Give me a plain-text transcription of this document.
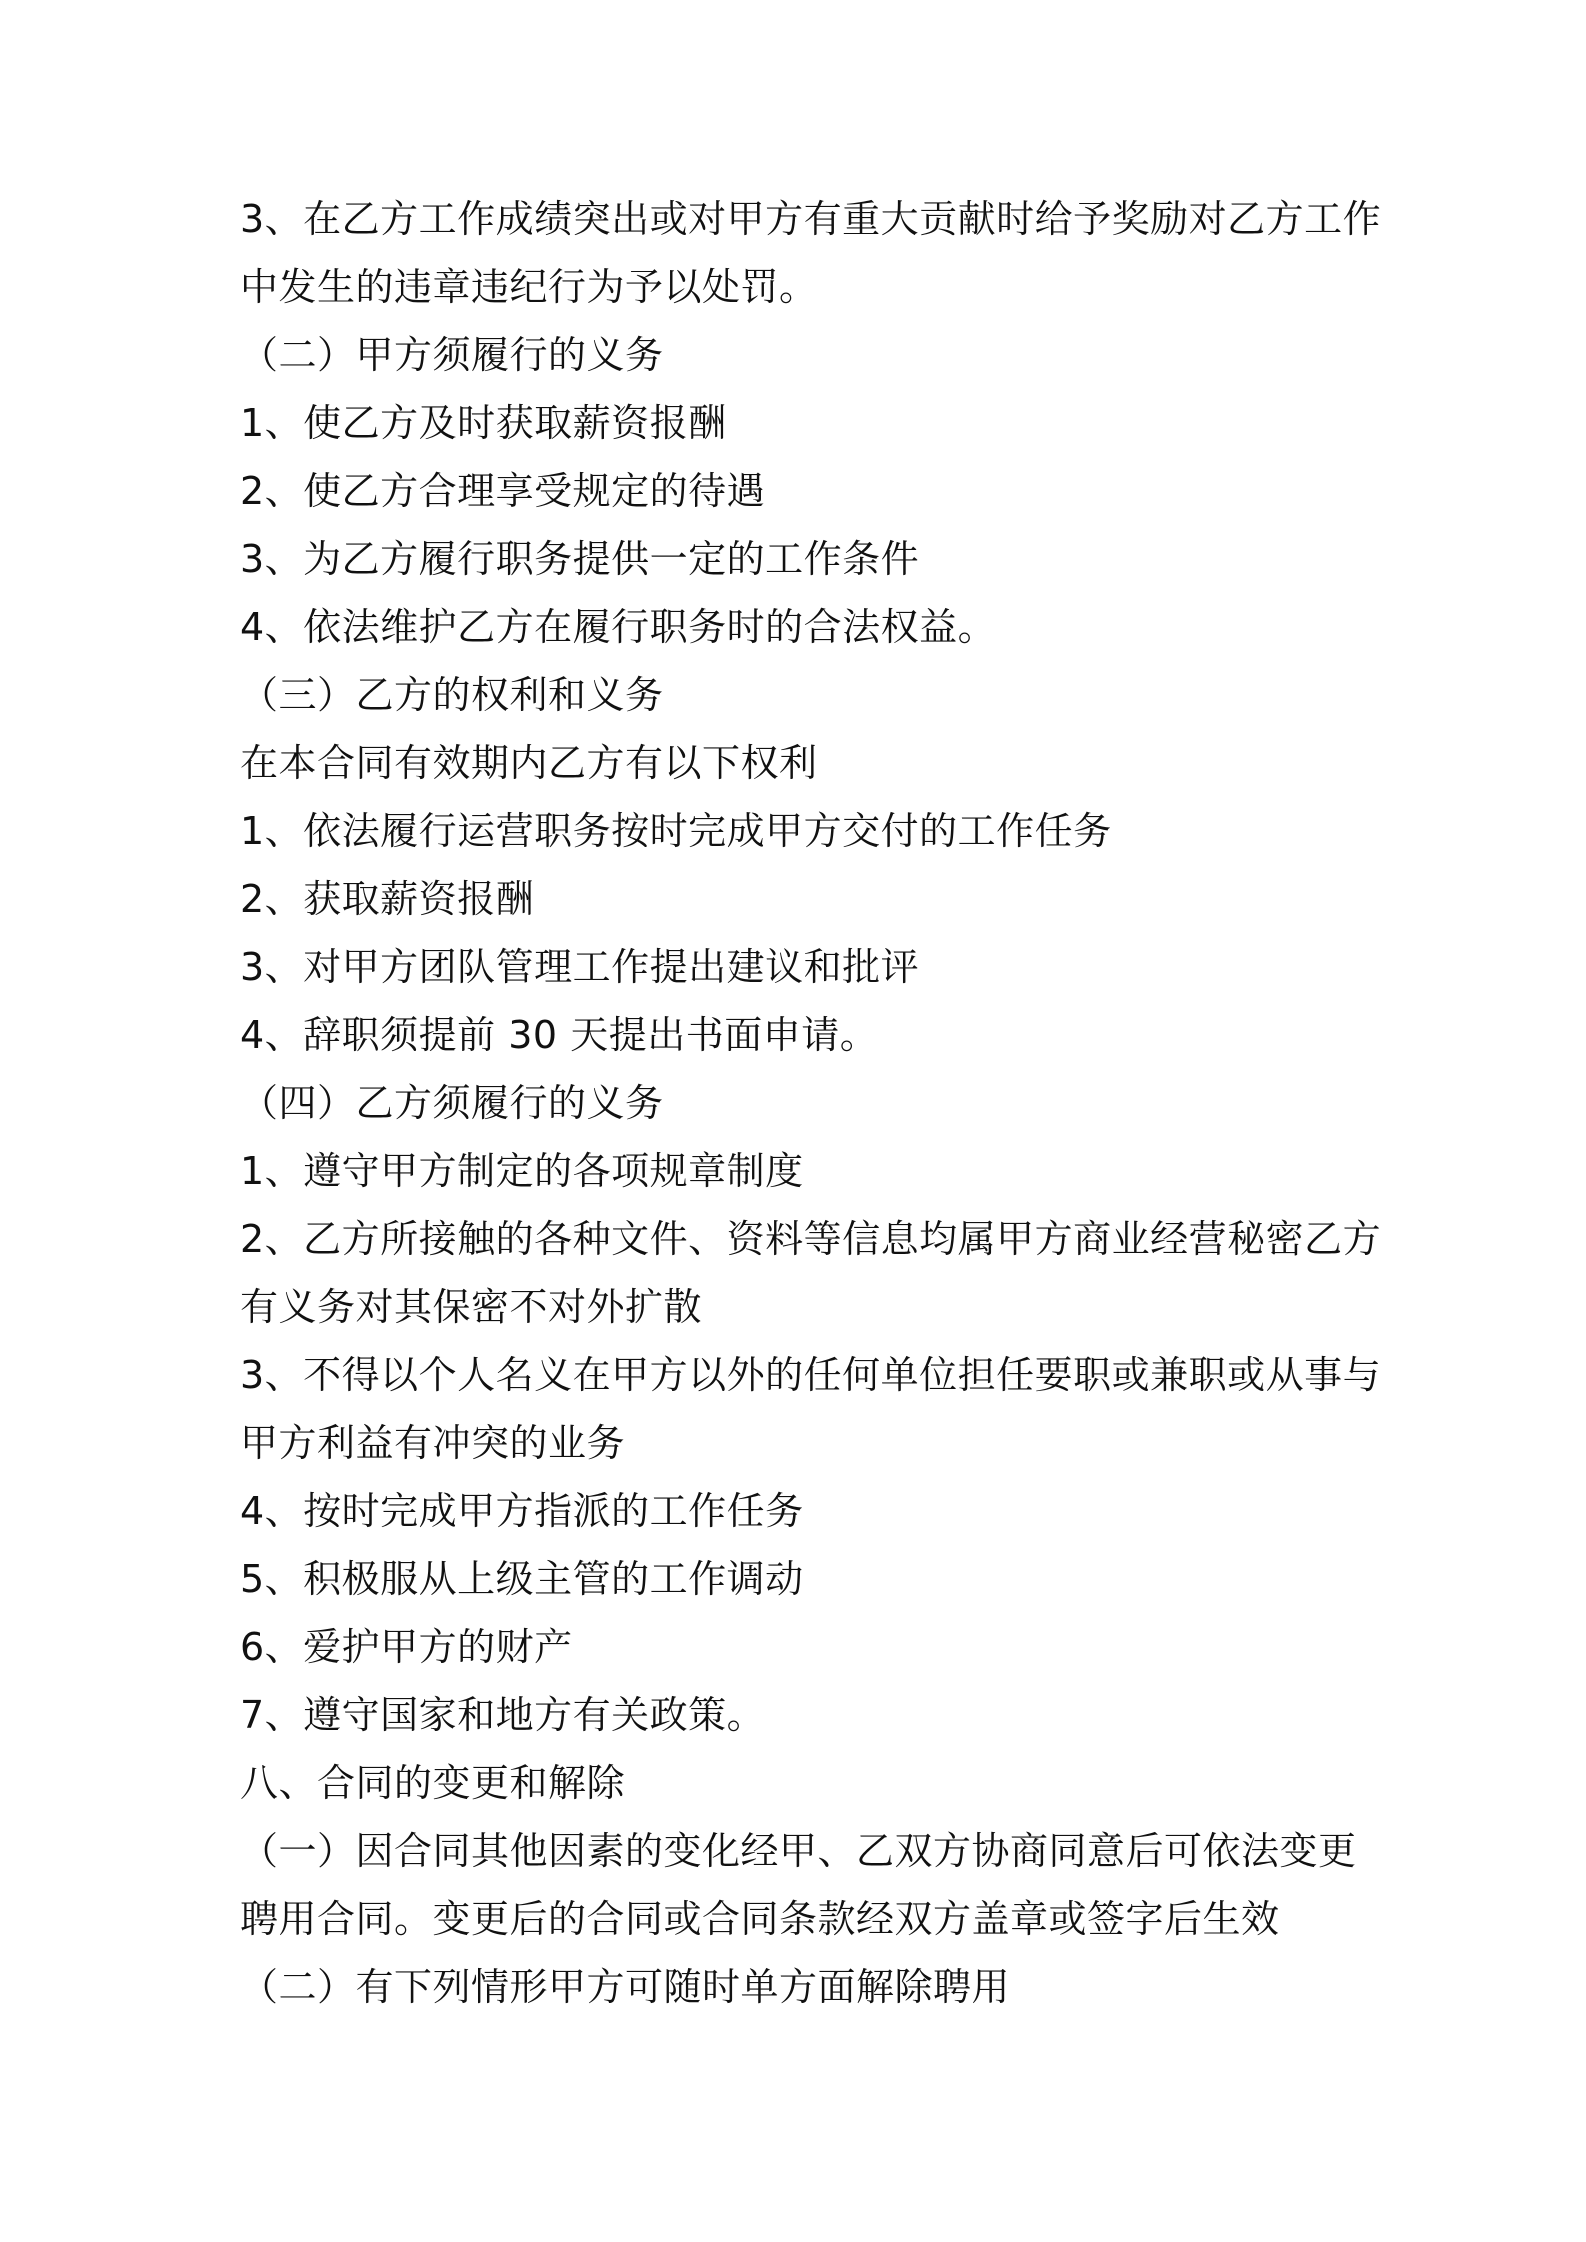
3、在乙方工作成绩突出或对甲方有重大贡献时给予奖励对乙方工作

中发生的违章违纪行为予以处罚。

（二）甲方须履行的义务

1、使乙方及时获取薪资报酬

2、使乙方合理享受规定的待遇

3、为乙方履行职务提供一定的工作条件

4、依法维护乙方在履行职务时的合法权益。

（三）乙方的权利和义务

在本合同有效期内乙方有以下权利

1、依法履行运营职务按时完成甲方交付的工作任务

2、获取薪资报酬

3、对甲方团队管理工作提出建议和批评

4、辞职须提前 30 天提出书面申请。

（四）乙方须履行的义务

1、遵守甲方制定的各项规章制度

2、乙方所接触的各种文件、资料等信息均属甲方商业经营秘密乙方

有义务对其保密不对外扩散

3、不得以个人名义在甲方以外的任何单位担任要职或兼职或从事与

甲方利益有冲突的业务

4、按时完成甲方指派的工作任务

5、积极服从上级主管的工作调动

6、爱护甲方的财产

7、遵守国家和地方有关政策。

八、合同的变更和解除

（一）因合同其他因素的变化经甲、乙双方协商同意后可依法变更

聘用合同。变更后的合同或合同条款经双方盖章或签字后生效

（二）有下列情形甲方可随时单方面解除聘用
